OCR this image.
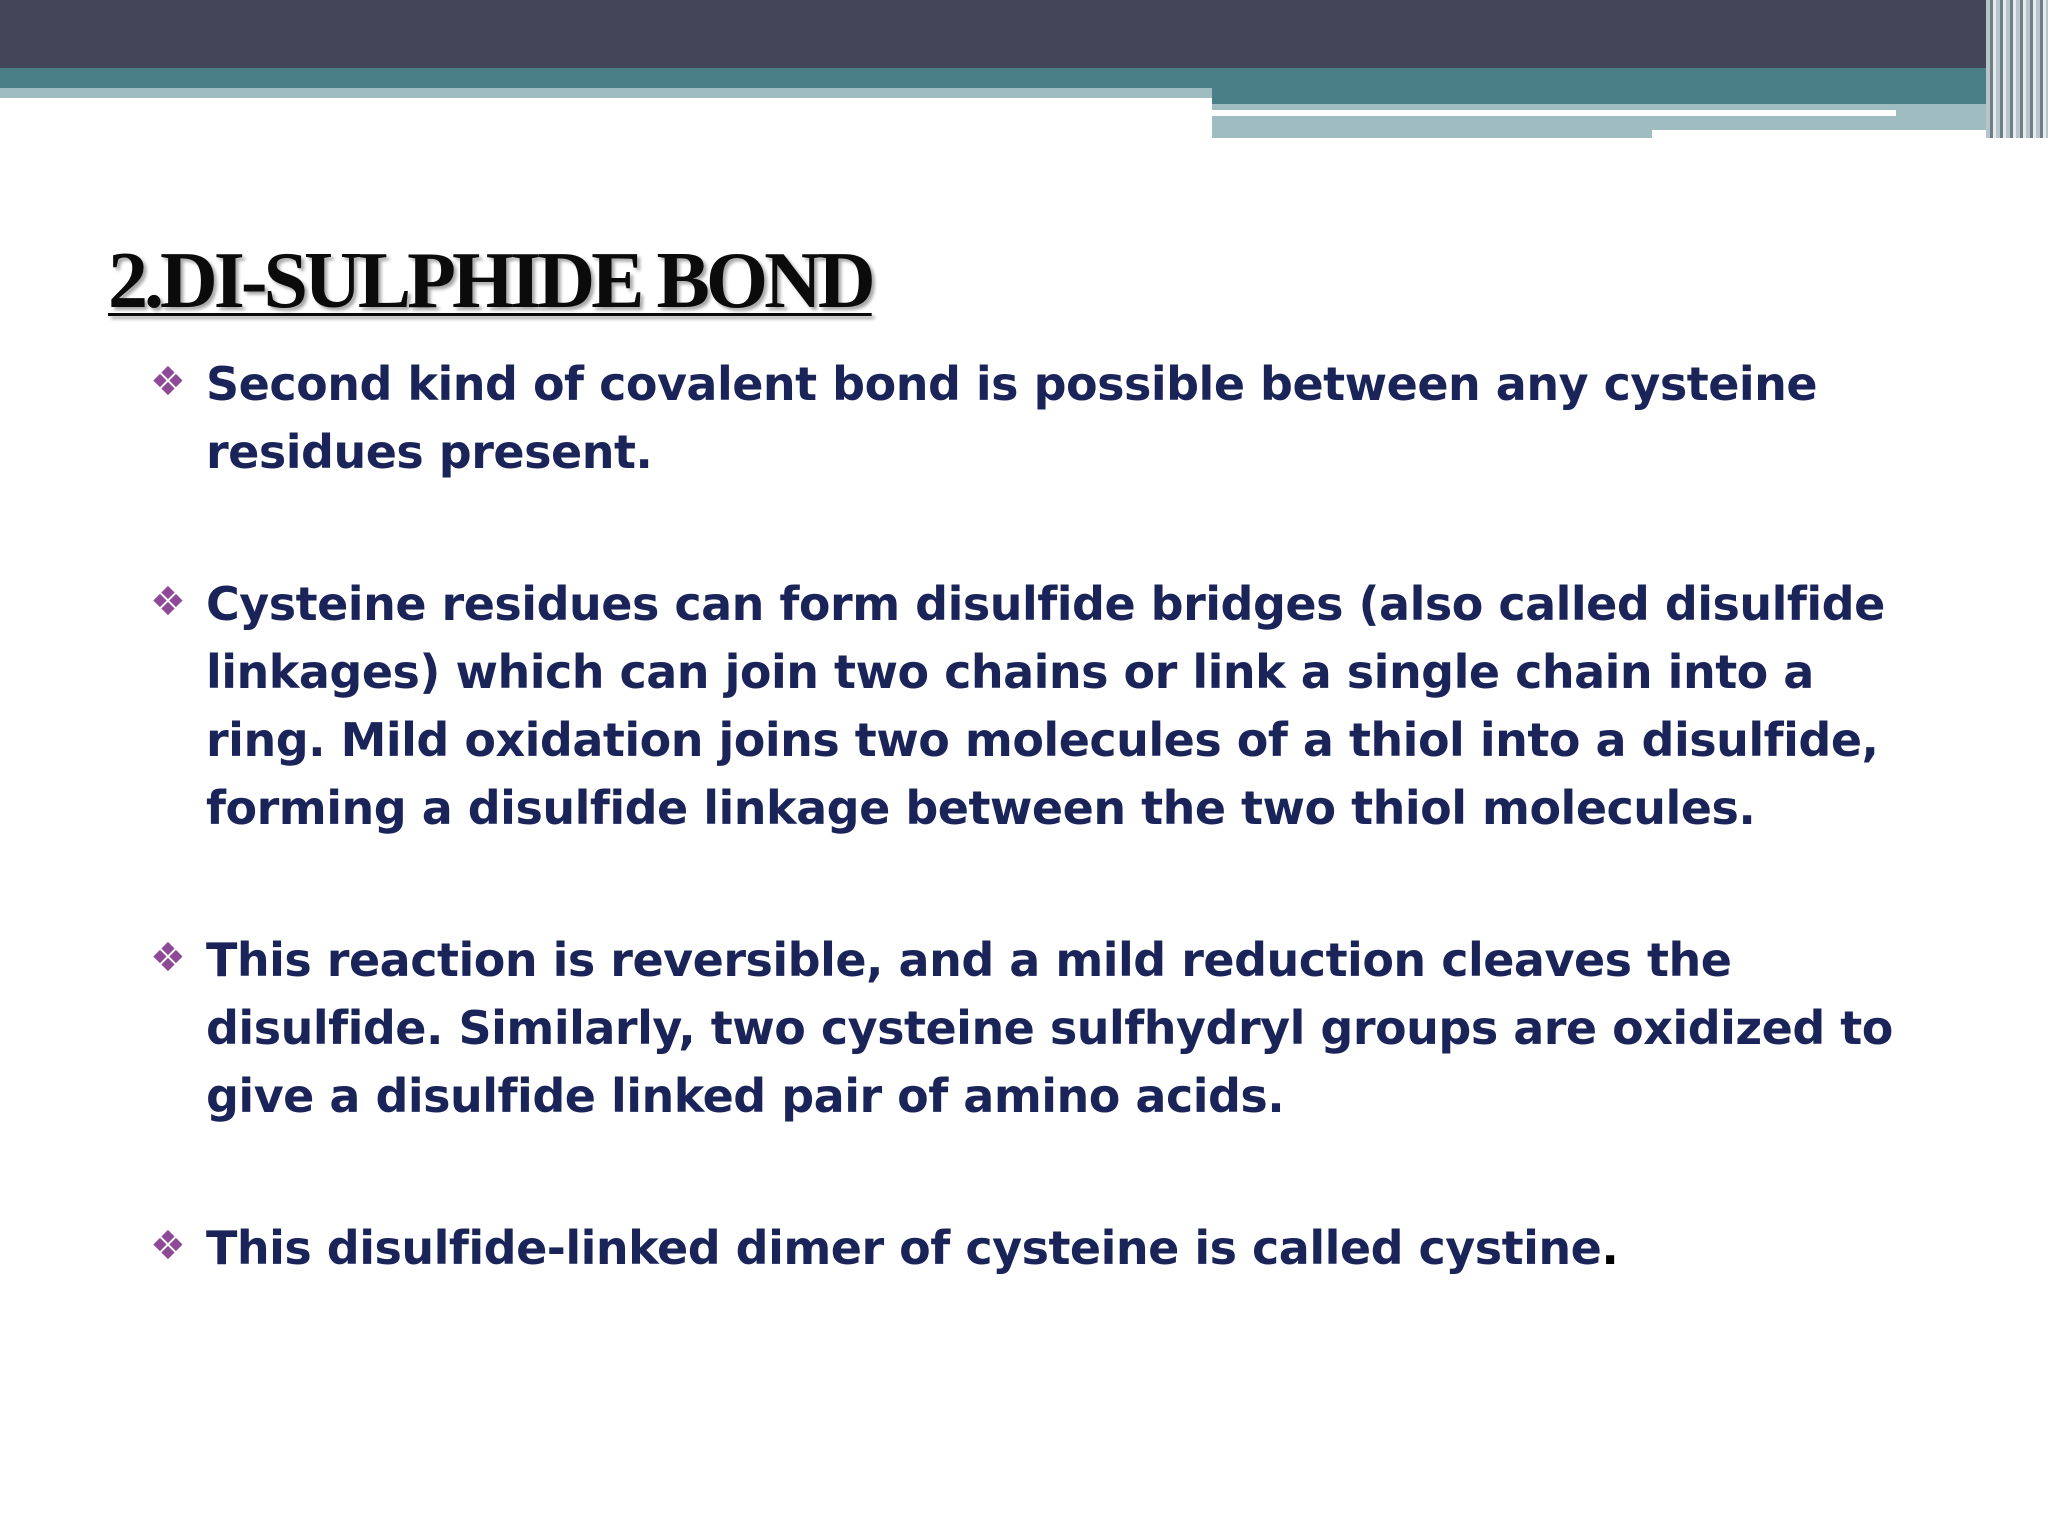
2.DI-SULPHIDE BOND
❖ Second kind of covalent bond is possible between any cysteine residues present.
❖ Cysteine residues can form disulfide bridges (also called disulfide linkages) which can join two chains or link a single chain into a ring. Mild oxidation joins two molecules of a thiol into a disulfide, forming a disulfide linkage between the two thiol molecules.
❖ This reaction is reversible, and a mild reduction cleaves the disulfide. Similarly, two cysteine sulfhydryl groups are oxidized to give a disulfide linked pair of amino acids.
❖ This disulfide-linked dimer of cysteine is called cystine.
